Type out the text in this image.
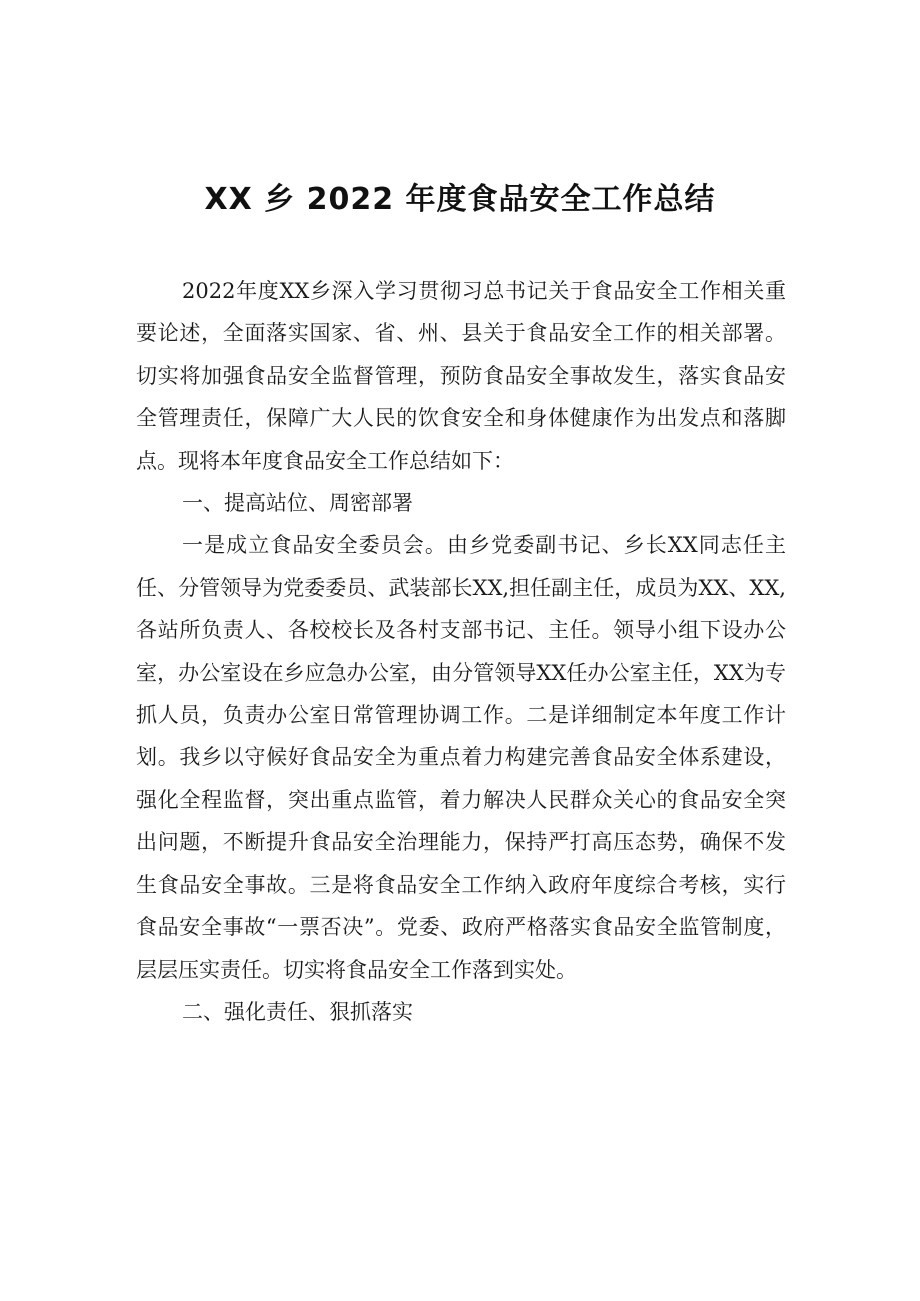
XX 乡 2022 年度食品安全工作总结

2022年度XX乡深入学习贯彻习总书记关于食品安全工作相关重要论述，全面落实国家、省、州、县关于食品安全工作的相关部署。切实将加强食品安全监督管理，预防食品安全事故发生，落实食品安全管理责任，保障广大人民的饮食安全和身体健康作为出发点和落脚点。现将本年度食品安全工作总结如下：

一、提高站位、周密部署

一是成立食品安全委员会。由乡党委副书记、乡长XX同志任主任、分管领导为党委委员、武装部长XX,担任副主任，成员为XX、XX,各站所负责人、各校校长及各村支部书记、主任。领导小组下设办公室，办公室设在乡应急办公室，由分管领导XX任办公室主任，XX为专抓人员，负责办公室日常管理协调工作。二是详细制定本年度工作计划。我乡以守候好食品安全为重点着力构建完善食品安全体系建设，强化全程监督，突出重点监管，着力解决人民群众关心的食品安全突出问题，不断提升食品安全治理能力，保持严打高压态势，确保不发生食品安全事故。三是将食品安全工作纳入政府年度综合考核，实行食品安全事故“一票否决”。党委、政府严格落实食品安全监管制度，层层压实责任。切实将食品安全工作落到实处。

二、强化责任、狠抓落实
